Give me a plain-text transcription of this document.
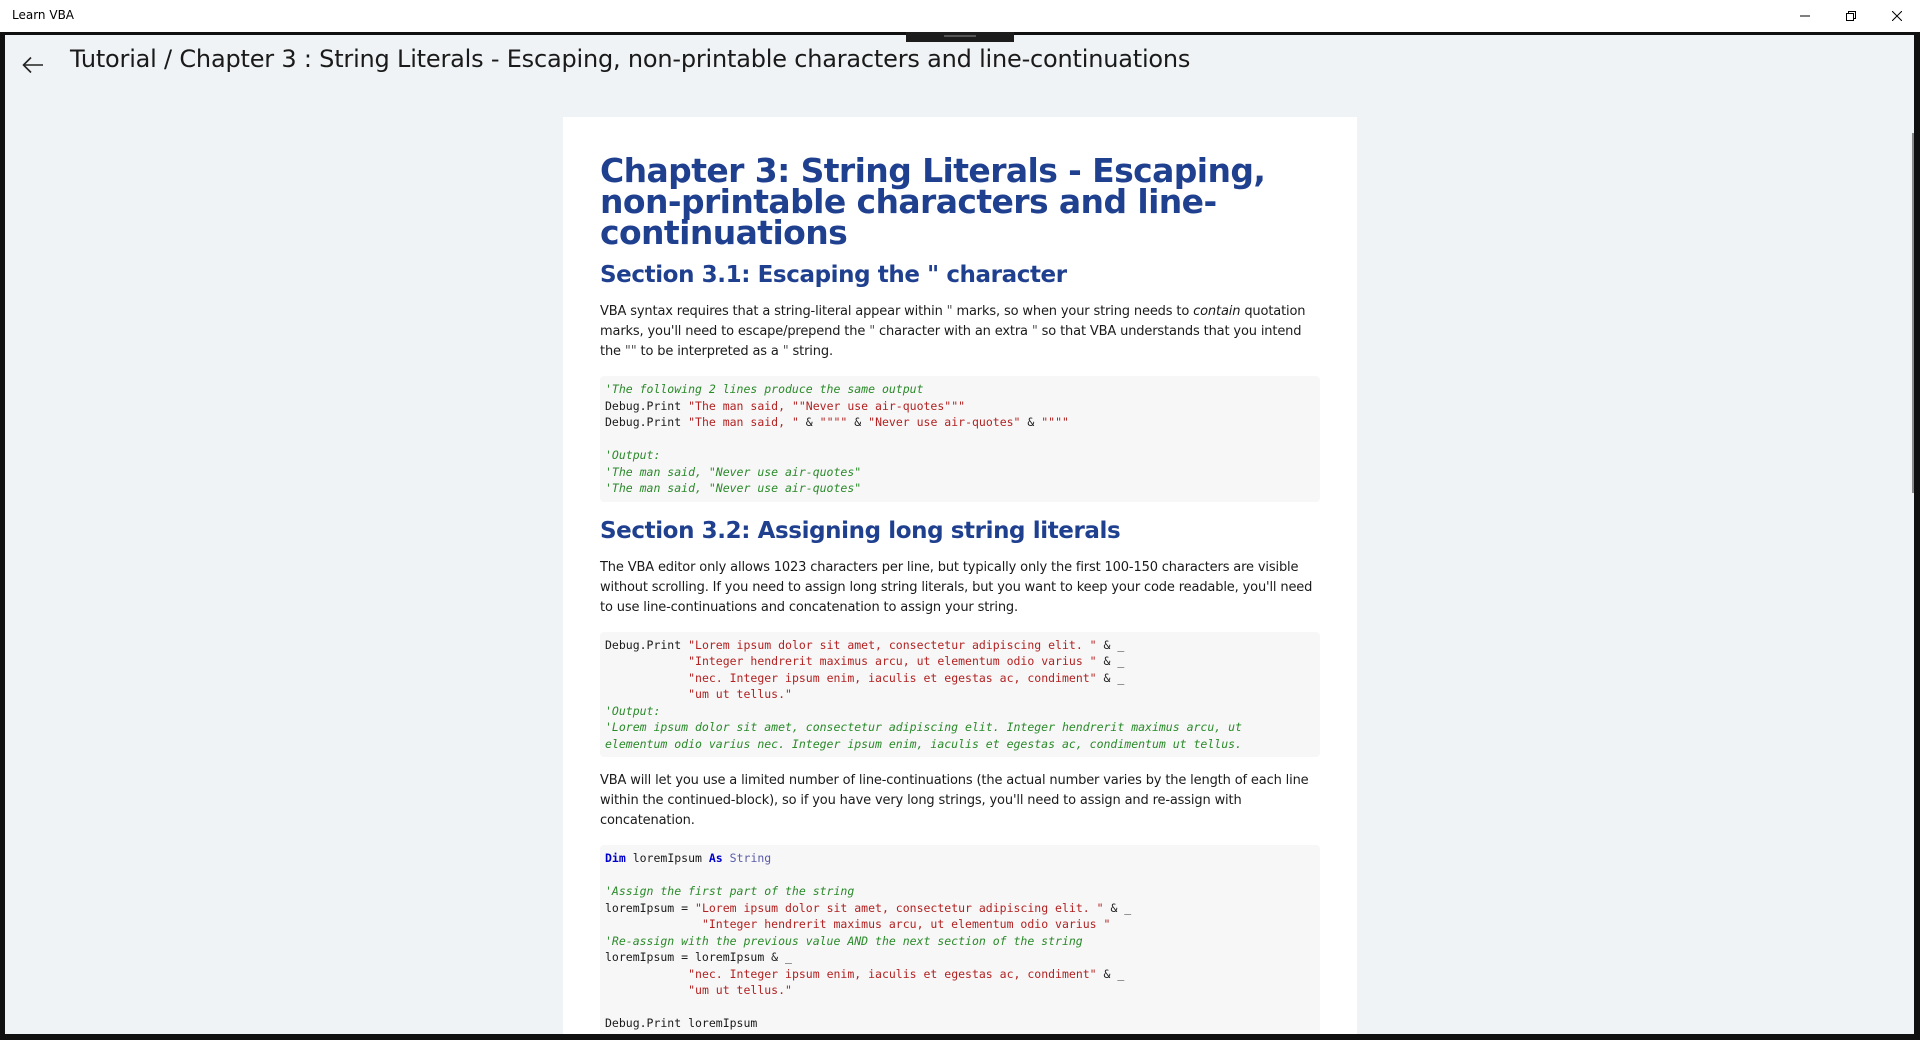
Learn VBA
Tutorial / Chapter 3 : String Literals - Escaping, non-printable characters and line-continuations
Chapter 3: String Literals - Escaping, non-printable characters and line-continuations
Section 3.1: Escaping the " character

VBA syntax requires that a string-literal appear within " marks, so when your string needs to contain quotation marks, you'll need to escape/prepend the " character with an extra " so that VBA understands that you intend the "" to be interpreted as a " string.

'The following 2 lines produce the same output
Debug.Print "The man said, ""Never use air-quotes"""
Debug.Print "The man said, " & """" & "Never use air-quotes" & """"

'Output:
'The man said, "Never use air-quotes"
'The man said, "Never use air-quotes"
Section 3.2: Assigning long string literals

The VBA editor only allows 1023 characters per line, but typically only the first 100-150 characters are visible without scrolling. If you need to assign long string literals, but you want to keep your code readable, you'll need to use line-continuations and concatenation to assign your string.

Debug.Print "Lorem ipsum dolor sit amet, consectetur adipiscing elit. " & _
"Integer hendrerit maximus arcu, ut elementum odio varius " & _
"nec. Integer ipsum enim, iaculis et egestas ac, condiment" & _
"um ut tellus."
'Output:
'Lorem ipsum dolor sit amet, consectetur adipiscing elit. Integer hendrerit maximus arcu, ut
elementum odio varius nec. Integer ipsum enim, iaculis et egestas ac, condimentum ut tellus.

VBA will let you use a limited number of line-continuations (the actual number varies by the length of each line within the continued-block), so if you have very long strings, you'll need to assign and re-assign with concatenation.

Dim loremIpsum As String

'Assign the first part of the string
loremIpsum = "Lorem ipsum dolor sit amet, consectetur adipiscing elit. " & _
"Integer hendrerit maximus arcu, ut elementum odio varius "
'Re-assign with the previous value AND the next section of the string
loremIpsum = loremIpsum & _
"nec. Integer ipsum enim, iaculis et egestas ac, condiment" & _
"um ut tellus."

Debug.Print loremIpsum
